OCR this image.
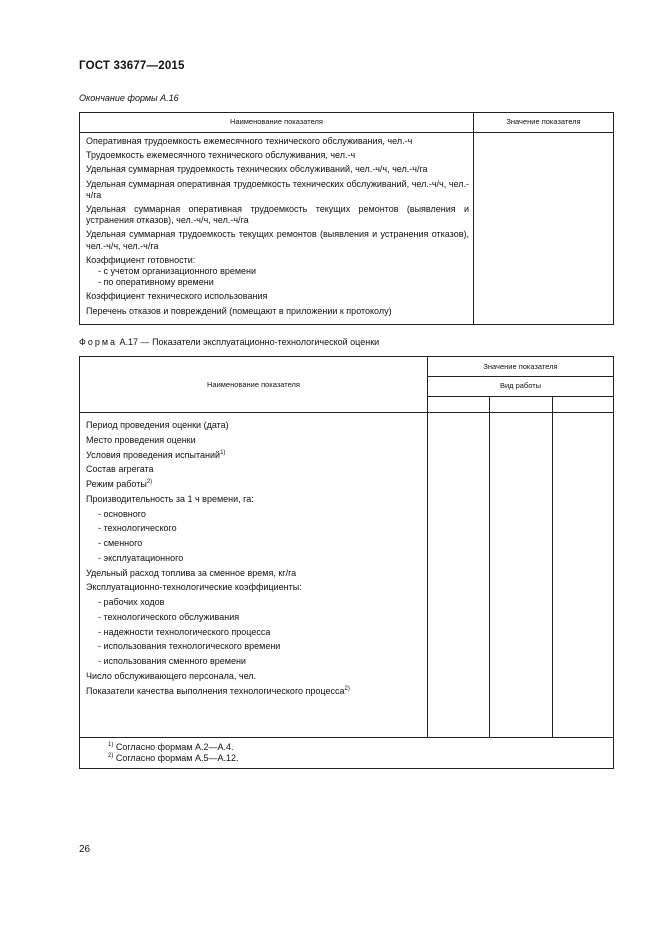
ГОСТ 33677—2015
Окончание формы А.16
Наименование показателя	Значение показателя
Оперативная трудоемкость ежемесячного технического обслуживания, чел.-ч
Трудоемкость ежемесячного технического обслуживания, чел.-ч
Удельная суммарная трудоемкость технических обслуживаний, чел.-ч/ч, чел.-ч/га
Удельная суммарная оперативная трудоемкость технических обслуживаний, чел.-ч/ч, чел.-ч/га
Удельная суммарная оперативная трудоемкость текущих ремонтов (выявления и устранения отказов), чел.-ч/ч, чел.-ч/га
Удельная суммарная трудоемкость текущих ремонтов (выявления и устранения отказов), чел.-ч/ч, чел.-ч/га
Коэффициент готовности:
- с учетом организационного времени
- по оперативному времени
Коэффициент технического использования
Перечень отказов и повреждений (помещают в приложении к протоколу)
Форма А.17 — Показатели эксплуатационно-технологической оценки
Наименование показателя
Значение показателя
Вид работы
Период проведения оценки (дата)
Место проведения оценки
Условия проведения испытаний$^{1)}$
Состав агрегата
Режим работы$^{2)}$
Производительность за 1 ч времени, га:
- основного
- технологического
- сменного
- эксплуатационного
Удельный расход топлива за сменное время, кг/га
Эксплуатационно-технологические коэффициенты:
- рабочих ходов
- технологического обслуживания
- надежности технологического процесса
- использования технологического времени
- использования сменного времени
Число обслуживающего персонала, чел.
Показатели качества выполнения технологического процесса$^{2)}$
$^{1)}$ Согласно формам А.2—А.4.
$^{2)}$ Согласно формам А.5—А.12.
26
